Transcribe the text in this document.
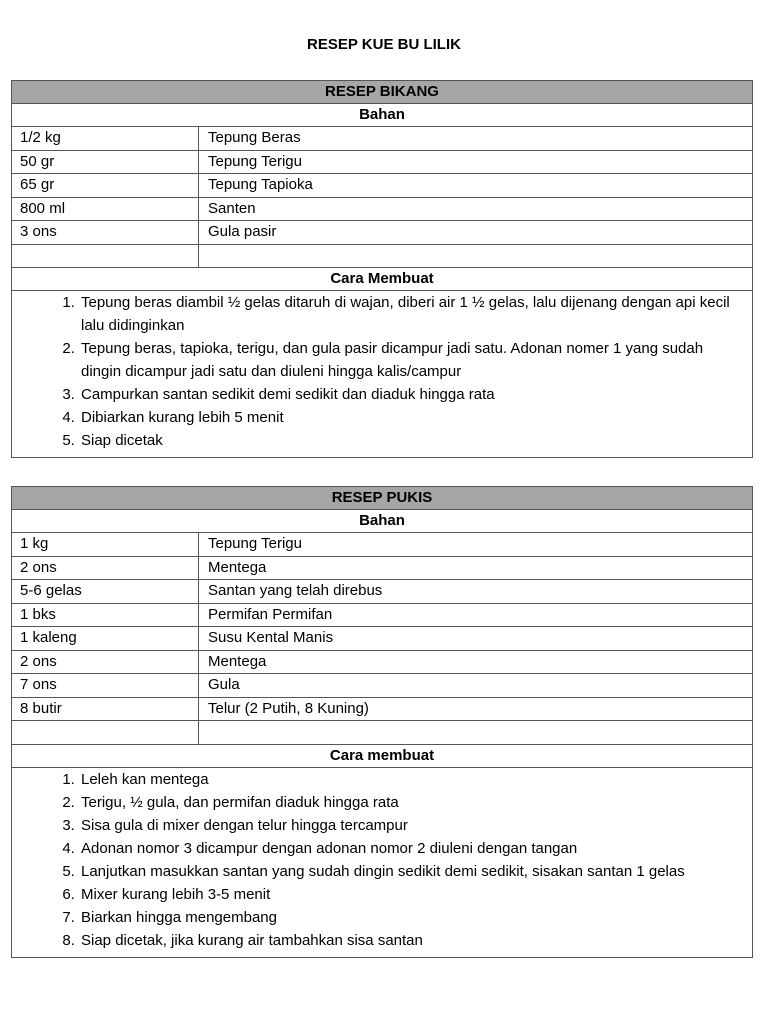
RESEP KUE BU LILIK
RESEP BIKANG
Bahan
1/2 kg	Tepung Beras
50 gr	Tepung Terigu
65 gr	Tepung Tapioka
800 ml	Santen
3 ons	Gula pasir
Cara Membuat
1. Tepung beras diambil ½ gelas ditaruh di wajan, diberi air 1 ½ gelas, lalu dijenang dengan api kecil lalu didinginkan
2. Tepung beras, tapioka, terigu, dan gula pasir dicampur jadi satu. Adonan nomer 1 yang sudah dingin dicampur jadi satu dan diuleni hingga kalis/campur
3. Campurkan santan sedikit demi sedikit dan diaduk hingga rata
4. Dibiarkan kurang lebih 5 menit
5. Siap dicetak
RESEP PUKIS
Bahan
1 kg	Tepung Terigu
2 ons	Mentega
5-6 gelas	Santan yang telah direbus
1 bks	Permifan Permifan
1 kaleng	Susu Kental Manis
2 ons	Mentega
7 ons	Gula
8 butir	Telur (2 Putih, 8 Kuning)
Cara membuat
1. Leleh kan mentega
2. Terigu, ½ gula, dan permifan diaduk hingga rata
3. Sisa gula di mixer dengan telur hingga tercampur
4. Adonan nomor 3 dicampur dengan adonan nomor 2 diuleni dengan tangan
5. Lanjutkan masukkan santan yang sudah dingin sedikit demi sedikit, sisakan santan 1 gelas
6. Mixer kurang lebih 3-5 menit
7. Biarkan hingga mengembang
8. Siap dicetak, jika kurang air tambahkan sisa santan
